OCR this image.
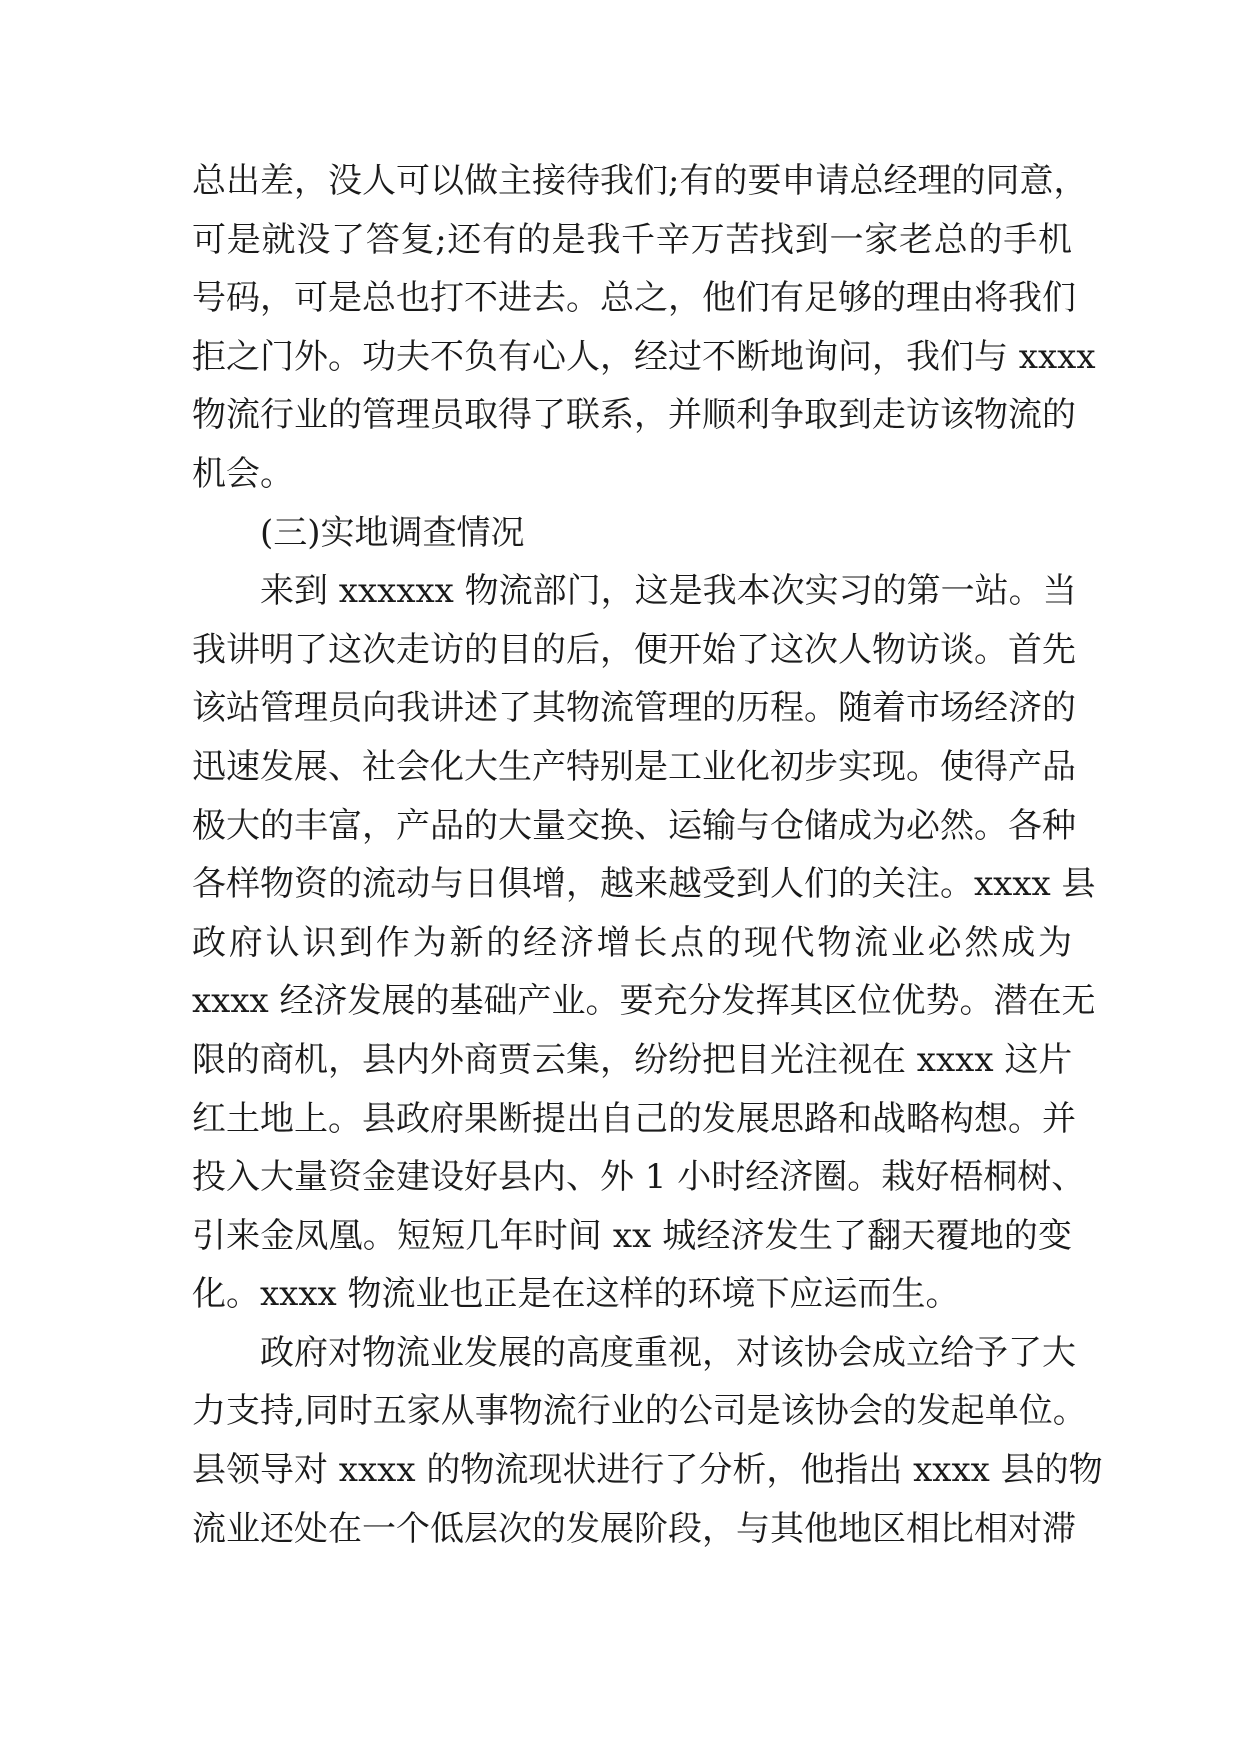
总出差，没人可以做主接待我们;有的要申请总经理的同意，
可是就没了答复;还有的是我千辛万苦找到一家老总的手机
号码，可是总也打不进去。总之，他们有足够的理由将我们
拒之门外。功夫不负有心人，经过不断地询问，我们与 xxxx
物流行业的管理员取得了联系，并顺利争取到走访该物流的
机会。
(三)实地调查情况
来到 xxxxxx 物流部门，这是我本次实习的第一站。当
我讲明了这次走访的目的后，便开始了这次人物访谈。首先
该站管理员向我讲述了其物流管理的历程。随着市场经济的
迅速发展、社会化大生产特别是工业化初步实现。使得产品
极大的丰富，产品的大量交换、运输与仓储成为必然。各种
各样物资的流动与日俱增，越来越受到人们的关注。xxxx 县
政府认识到作为新的经济增长点的现代物流业必然成为
xxxx 经济发展的基础产业。要充分发挥其区位优势。潜在无
限的商机，县内外商贾云集，纷纷把目光注视在 xxxx 这片
红土地上。县政府果断提出自己的发展思路和战略构想。并
投入大量资金建设好县内、外 1 小时经济圈。栽好梧桐树、
引来金凤凰。短短几年时间 xx 城经济发生了翻天覆地的变
化。xxxx 物流业也正是在这样的环境下应运而生。
政府对物流业发展的高度重视，对该协会成立给予了大
力支持,同时五家从事物流行业的公司是该协会的发起单位。
县领导对 xxxx 的物流现状进行了分析，他指出 xxxx 县的物
流业还处在一个低层次的发展阶段，与其他地区相比相对滞
